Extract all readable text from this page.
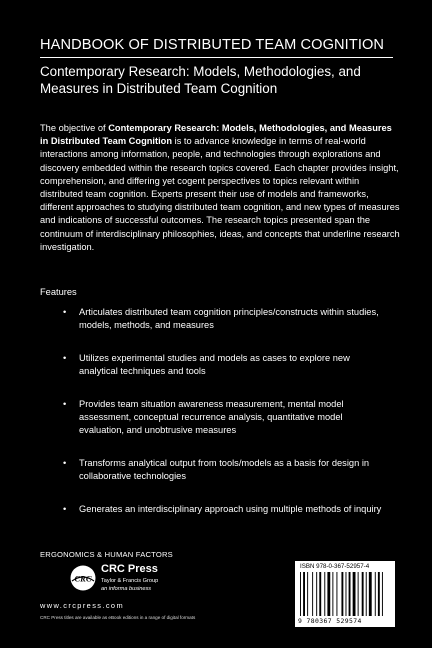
HANDBOOK OF DISTRIBUTED TEAM COGNITION
Contemporary Research: Models, Methodologies, and Measures in Distributed Team Cognition

The objective of Contemporary Research: Models, Methodologies, and Measures in Distributed Team Cognition is to advance knowledge in terms of real-world interactions among information, people, and technologies through explorations and discovery embedded within the research topics covered. Each chapter provides insight, comprehension, and differing yet cogent perspectives to topics relevant within distributed team cognition. Experts present their use of models and frameworks, different approaches to studying distributed team cognition, and new types of measures and indications of successful outcomes. The research topics presented span the continuum of interdisciplinary philosophies, ideas, and concepts that underline research investigation.

Features
• Articulates distributed team cognition principles/constructs within studies, models, methods, and measures
• Utilizes experimental studies and models as cases to explore new analytical techniques and tools
• Provides team situation awareness measurement, mental model assessment, conceptual recurrence analysis, quantitative model evaluation, and unobtrusive measures
• Transforms analytical output from tools/models as a basis for design in collaborative technologies
• Generates an interdisciplinary approach using multiple methods of inquiry
ERGONOMICS & HUMAN FACTORS
CRC
CRC Press
Taylor & Francis Group
an informa business
www.crcpress.com
CRC Press titles are available as eBook editions in a range of digital formats
ISBN 978-0-367-52957-4
9 780367 529574
